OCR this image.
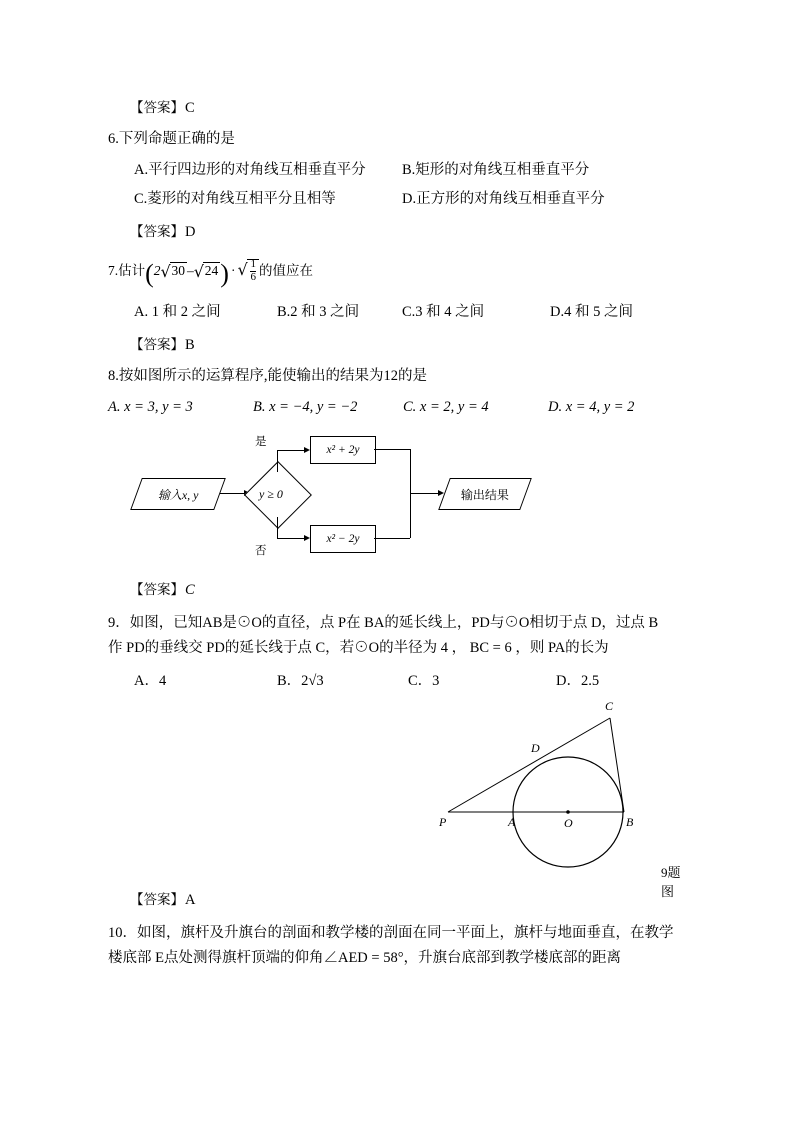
【答案】C
6.下列命题正确的是
A.平行四边形的对角线互相垂直平分	B.矩形的对角线互相垂直平分
C.菱形的对角线互相平分且相等	D.正方形的对角线互相垂直平分
【答案】D
7.估计(2 √ 30 – √ 24) · √ $\frac{1}{6}$ 的值应在
A. 1 和 2 之间	B.2 和 3 之间	C.3 和 4 之间	D.4 和 5 之间
【答案】B
8.按如图所示的运算程序,能使输出的结果为12的是
A. x = 3, y = 3	B. x = −4, y = −2	C. x = 2, y = 4	D. x = 4, y = 2
输入x, y	y ≥ 0
是
x² + 2y
否
x² − 2y
输出结果
【答案】C
9．如图，已知AB是⊙O的直径，点 P在 BA的延长线上，PD与⊙O相切于点 D，过点 B
作 PD的垂线交 PD的延长线于点 C，若⊙O的半径为 4 ， BC = 6 ，则 PA的长为
A．4	B．2√3	C．3	D．2.5
C
D
P	A	O	B
9题图
【答案】A
10．如图，旗杆及升旗台的剖面和教学楼的剖面在同一平面上，旗杆与地面垂直，在教学
楼底部 E点处测得旗杆顶端的仰角∠AED = 58°，升旗台底部到教学楼底部的距离
